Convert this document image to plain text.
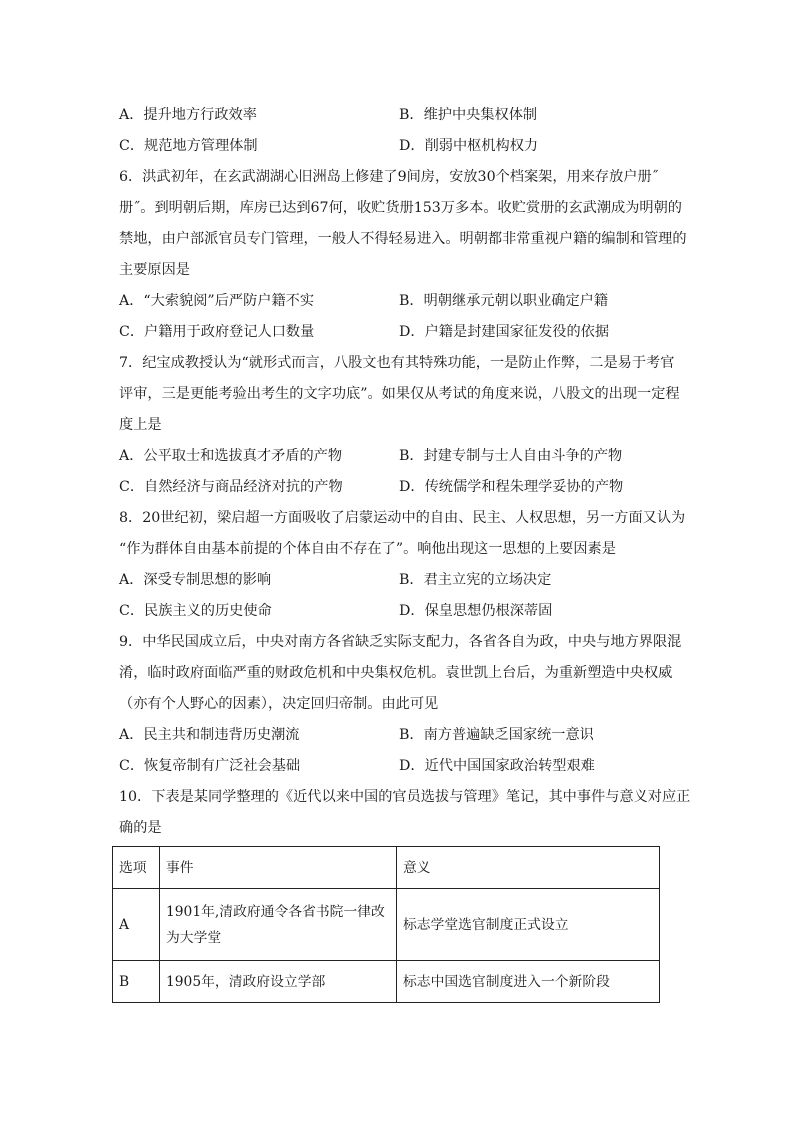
A．提升地方行政效率	B．维护中央集权体制
C．规范地方管理体制	D．削弱中枢机构权力
6．洪武初年，在玄武湖湖心旧洲岛上修建了9间房，安放30个档案架，用来存放户册˝
册˝。到明朝后期，库房已达到67何，收贮货册153万多本。收贮赏册的玄武潮成为明朝的
禁地，由户部派官员专门管理，一般人不得轻易进入。明朝都非常重视户籍的编制和管理的
主要原因是
A．“大索貌阅”后严防户籍不实	B．明朝继承元朝以职业确定户籍
C．户籍用于政府登记人口数量	D．户籍是封建国家征发役的依据
7．纪宝成教授认为“就形式而言，八股文也有其特殊功能，一是防止作弊，二是易于考官
评审，三是更能考验出考生的文字功底”。如果仅从考试的角度来说，八股文的出现一定程
度上是
A．公平取士和选拔真才矛盾的产物	B．封建专制与士人自由斗争的产物
C．自然经济与商品经济对抗的产物	D．传统儒学和程朱理学妥协的产物
8．20世纪初，梁启超一方面吸收了启蒙运动中的自由、民主、人权思想，另一方面又认为
“作为群体自由基本前提的个体自由不存在了”。响他出现这一思想的上要因素是
A．深受专制思想的影响	B．君主立宪的立场决定
C．民族主义的历史使命	D．保皇思想仍根深蒂固
9．中华民国成立后，中央对南方各省缺乏实际支配力，各省各自为政，中央与地方界限混
淆，临时政府面临严重的财政危机和中央集权危机。袁世凯上台后，为重新塑造中央权威
（亦有个人野心的因素），决定回归帝制。由此可见
A．民主共和制违背历史潮流	B．南方普遍缺乏国家统一意识
C．恢复帝制有广泛社会基础	D．近代中国国家政治转型艰难
10．下表是某同学整理的《近代以来中国的官员选拔与管理》笔记，其中事件与意义对应正
确的是
选项	事件	意义
A	1901年,清政府通令各省书院一律改
为大学堂	标志学堂选官制度正式设立
B	1905年，清政府设立学部	标志中国选官制度进入一个新阶段
